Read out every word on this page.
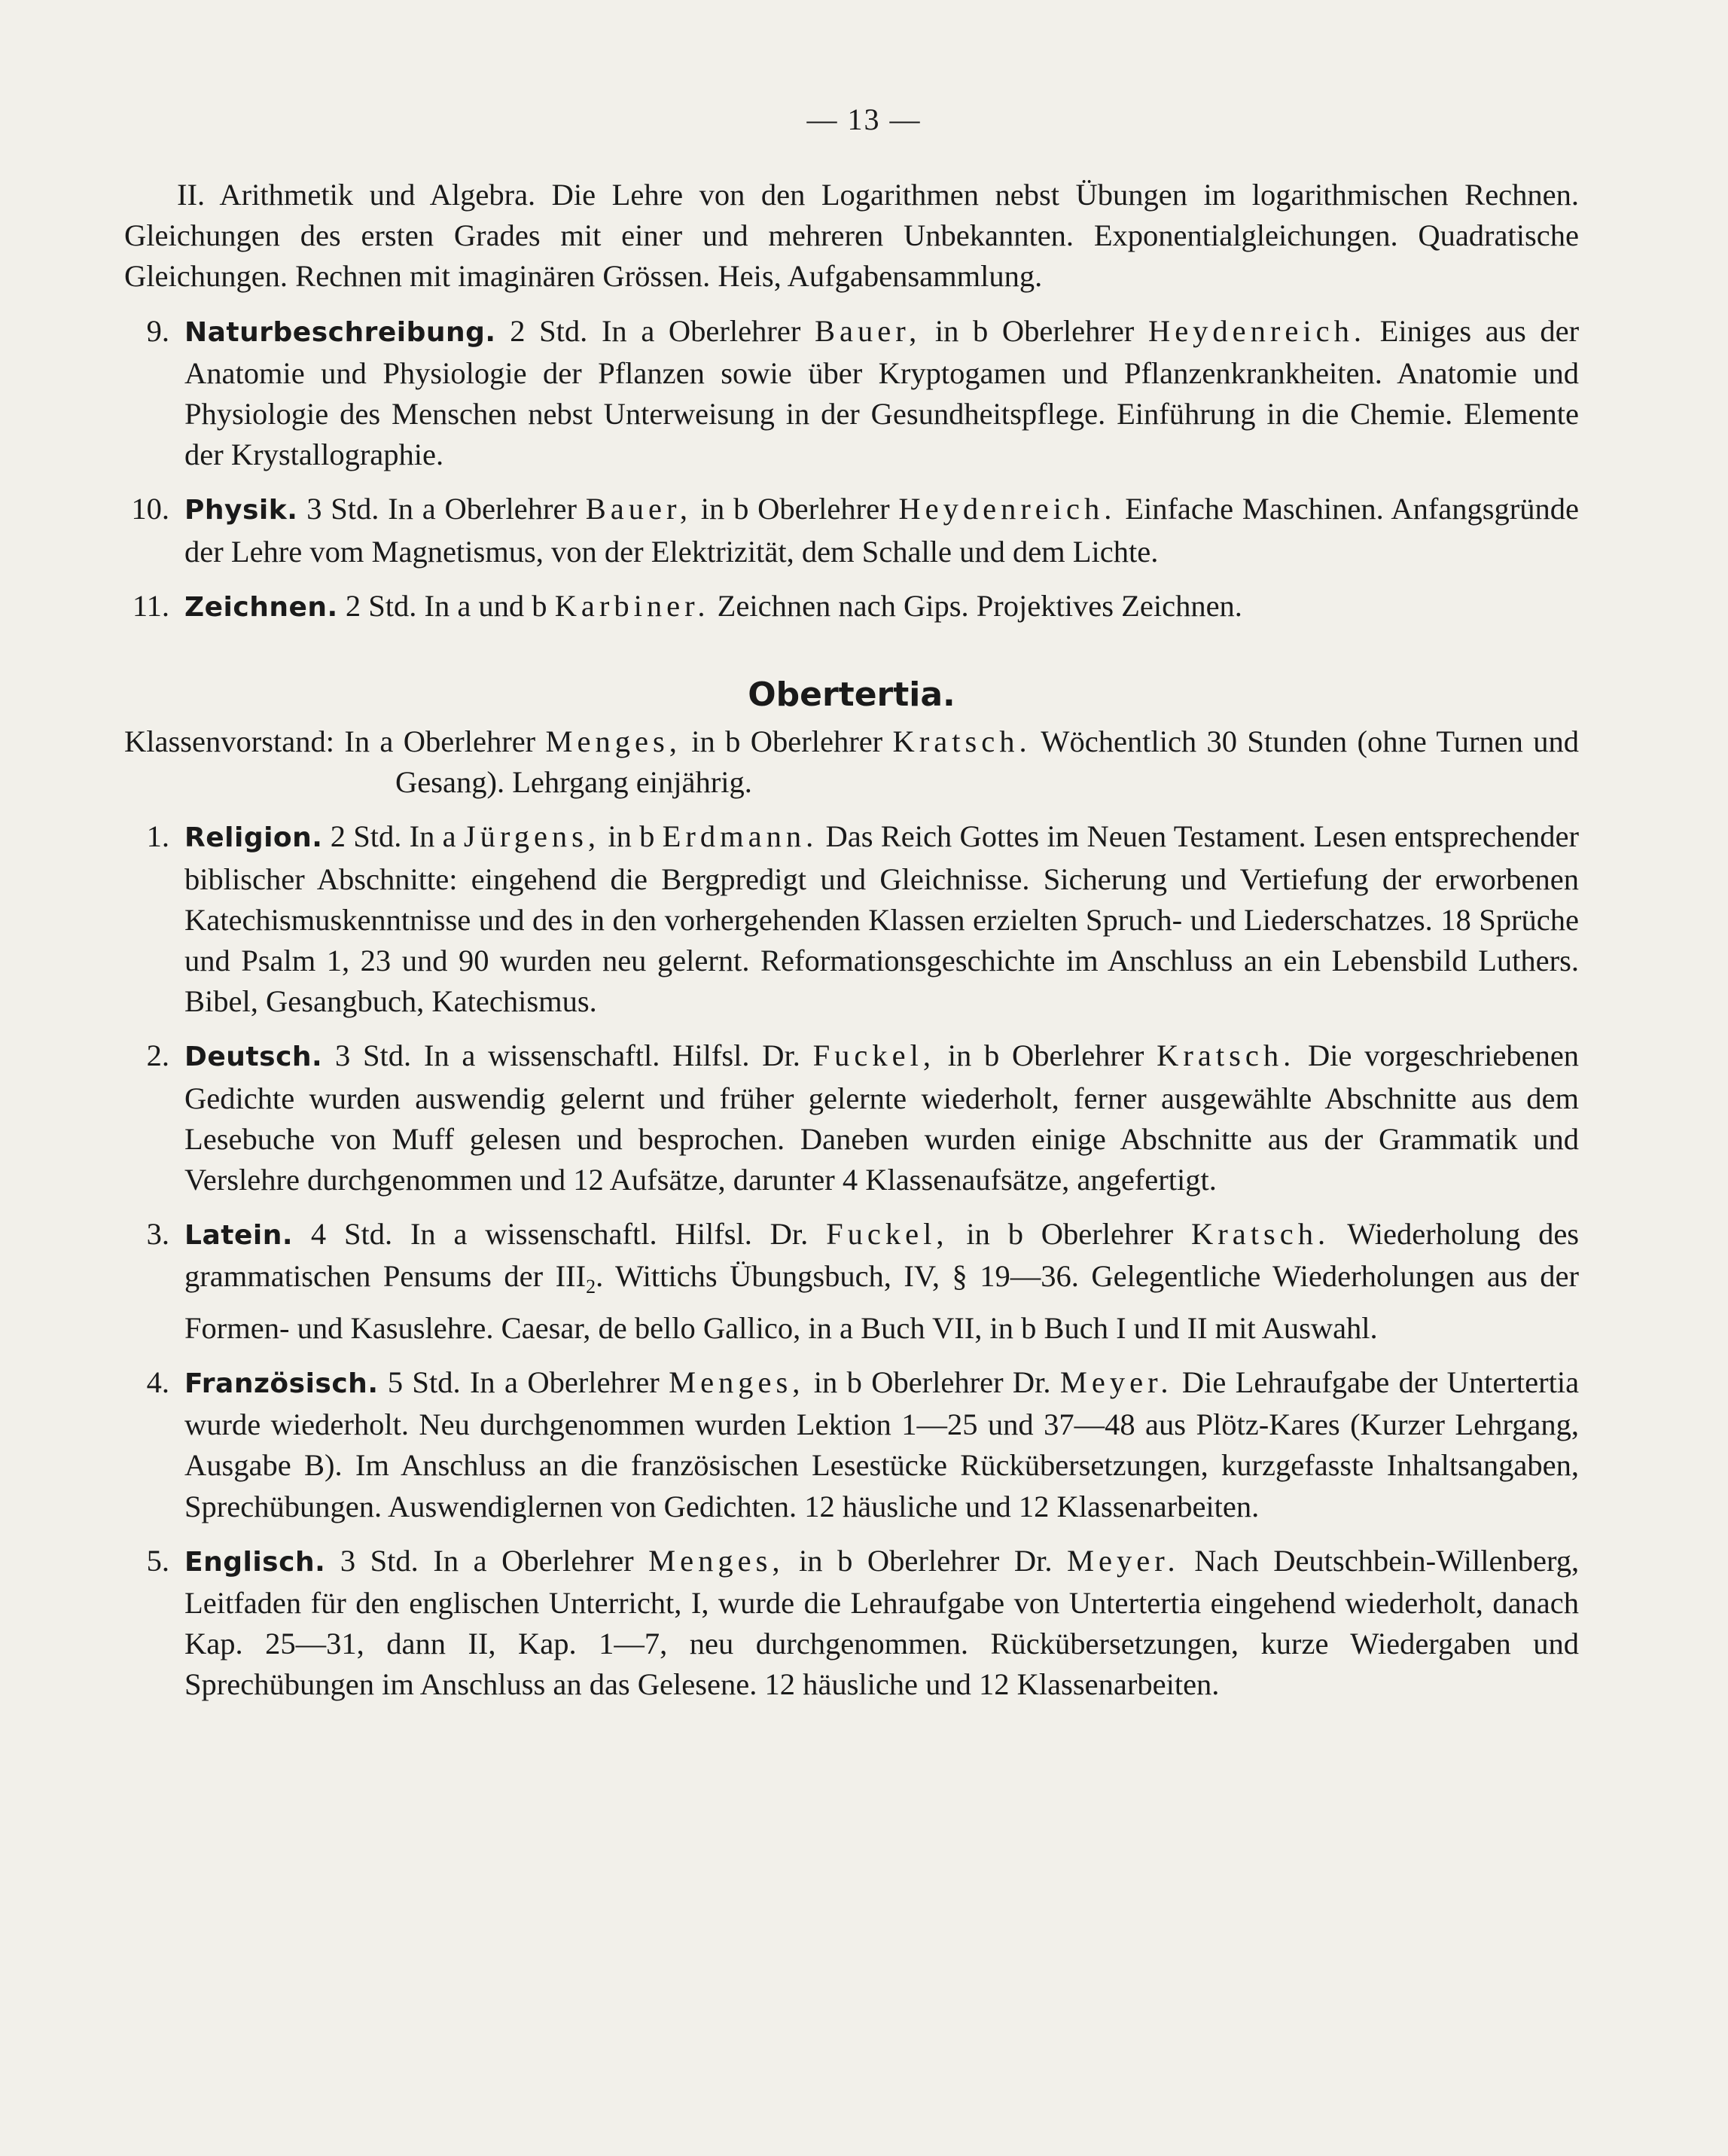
— 13 —

II. Arithmetik und Algebra. Die Lehre von den Logarithmen nebst Übungen im logarithmischen Rechnen. Gleichungen des ersten Grades mit einer und mehreren Unbekannten. Exponentialgleichungen. Quadratische Gleichungen. Rechnen mit imaginären Grössen. Heis, Aufgabensammlung.

9. Naturbeschreibung. 2 Std. In a Oberlehrer Bauer, in b Oberlehrer Heydenreich. Einiges aus der Anatomie und Physiologie der Pflanzen sowie über Kryptogamen und Pflanzenkrankheiten. Anatomie und Physiologie des Menschen nebst Unterweisung in der Gesundheitspflege. Einführung in die Chemie. Elemente der Krystallographie.

10. Physik. 3 Std. In a Oberlehrer Bauer, in b Oberlehrer Heydenreich. Einfache Maschinen. Anfangsgründe der Lehre vom Magnetismus, von der Elektrizität, dem Schalle und dem Lichte.

11. Zeichnen. 2 Std. In a und b Karbiner. Zeichnen nach Gips. Projektives Zeichnen.

Obertertia.

Klassenvorstand: In a Oberlehrer Menges, in b Oberlehrer Kratsch. Wöchentlich 30 Stunden (ohne Turnen und Gesang). Lehrgang einjährig.

1. Religion. 2 Std. In a Jürgens, in b Erdmann. Das Reich Gottes im Neuen Testament. Lesen entsprechender biblischer Abschnitte: eingehend die Bergpredigt und Gleichnisse. Sicherung und Vertiefung der erworbenen Katechismuskenntnisse und des in den vorhergehenden Klassen erzielten Spruch- und Liederschatzes. 18 Sprüche und Psalm 1, 23 und 90 wurden neu gelernt. Reformationsgeschichte im Anschluss an ein Lebensbild Luthers. Bibel, Gesangbuch, Katechismus.

2. Deutsch. 3 Std. In a wissenschaftl. Hilfsl. Dr. Fuckel, in b Oberlehrer Kratsch. Die vorgeschriebenen Gedichte wurden auswendig gelernt und früher gelernte wiederholt, ferner ausgewählte Abschnitte aus dem Lesebuche von Muff gelesen und besprochen. Daneben wurden einige Abschnitte aus der Grammatik und Verslehre durchgenommen und 12 Aufsätze, darunter 4 Klassenaufsätze, angefertigt.

3. Latein. 4 Std. In a wissenschaftl. Hilfsl. Dr. Fuckel, in b Oberlehrer Kratsch. Wiederholung des grammatischen Pensums der $III_2$. Wittichs Übungsbuch, IV, § 19—36. Gelegentliche Wiederholungen aus der Formen- und Kasuslehre. Caesar, de bello Gallico, in a Buch VII, in b Buch I und II mit Auswahl.

4. Französisch. 5 Std. In a Oberlehrer Menges, in b Oberlehrer Dr. Meyer. Die Lehraufgabe der Untertertia wurde wiederholt. Neu durchgenommen wurden Lektion 1—25 und 37—48 aus Plötz-Kares (Kurzer Lehrgang, Ausgabe B). Im Anschluss an die französischen Lesestücke Rückübersetzungen, kurzgefasste Inhaltsangaben, Sprechübungen. Auswendiglernen von Gedichten. 12 häusliche und 12 Klassenarbeiten.

5. Englisch. 3 Std. In a Oberlehrer Menges, in b Oberlehrer Dr. Meyer. Nach Deutschbein-Willenberg, Leitfaden für den englischen Unterricht, I, wurde die Lehraufgabe von Untertertia eingehend wiederholt, danach Kap. 25—31, dann II, Kap. 1—7, neu durchgenommen. Rückübersetzungen, kurze Wiedergaben und Sprechübungen im Anschluss an das Gelesene. 12 häusliche und 12 Klassenarbeiten.
